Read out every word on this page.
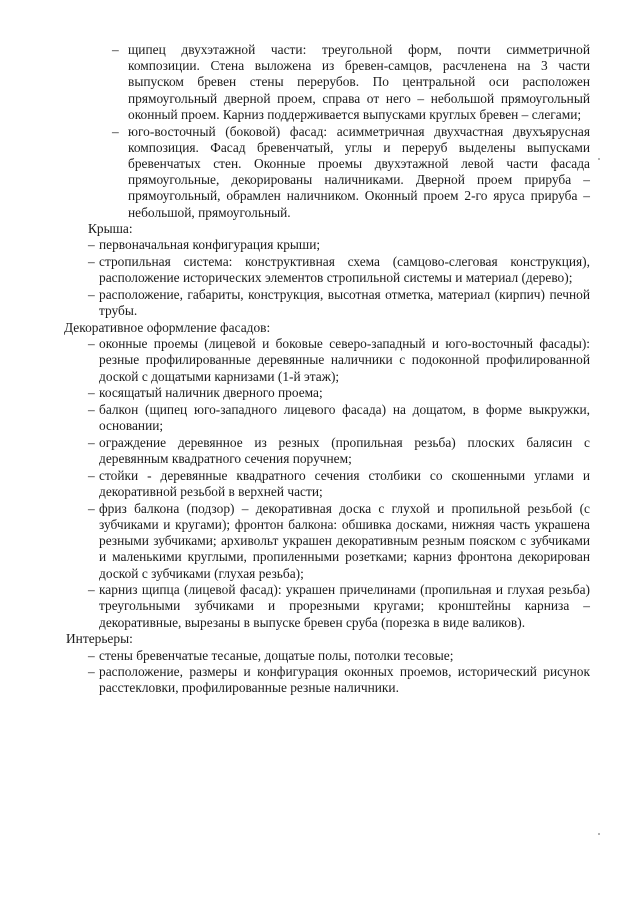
– щипец двухэтажной части: треугольной форм, почти симметричной композиции. Стена выложена из бревен-самцов, расчленена на 3 части выпуском бревен стены перерубов. По центральной оси расположен прямоугольный дверной проем, справа от него – небольшой прямоугольный оконный проем. Карниз поддерживается выпусками круглых бревен – слегами;
– юго-восточный (боковой) фасад: асимметричная двухчастная двухъярусная композиция. Фасад бревенчатый, углы и переруб выделены выпусками бревенчатых стен. Оконные проемы двухэтажной левой части фасада прямоугольные, декорированы наличниками. Дверной проем прируба – прямоугольный, обрамлен наличником. Оконный проем 2-го яруса прируба – небольшой, прямоугольный.
Крыша:
– первоначальная конфигурация крыши;
– стропильная система: конструктивная схема (самцово-слеговая конструкция), расположение исторических элементов стропильной системы и материал (дерево);
– расположение, габариты, конструкция, высотная отметка, материал (кирпич) печной трубы.
Декоративное оформление фасадов:
– оконные проемы (лицевой и боковые северо-западный и юго-восточный фасады): резные профилированные деревянные наличники с подоконной профилированной доской с дощатыми карнизами (1-й этаж);
– косящатый наличник дверного проема;
– балкон (щипец юго-западного лицевого фасада) на дощатом, в форме выкружки, основании;
– ограждение деревянное из резных (пропильная резьба) плоских балясин с деревянным квадратного сечения поручнем;
– стойки - деревянные квадратного сечения столбики со скошенными углами и декоративной резьбой в верхней части;
– фриз балкона (подзор) – декоративная доска с глухой и пропильной резьбой (с зубчиками и кругами); фронтон балкона: обшивка досками, нижняя часть украшена резными зубчиками; архивольт украшен декоративным резным пояском с зубчиками и маленькими круглыми, пропиленными розетками; карниз фронтона декорирован доской с зубчиками (глухая резьба);
– карниз щипца (лицевой фасад): украшен причелинами (пропильная и глухая резьба) треугольными зубчиками и прорезными кругами; кронштейны карниза – декоративные, вырезаны в выпуске бревен сруба (порезка в виде валиков).
Интерьеры:
– стены бревенчатые тесаные, дощатые полы, потолки тесовые;
– расположение, размеры и конфигурация оконных проемов, исторический рисунок расстекловки, профилированные резные наличники.
